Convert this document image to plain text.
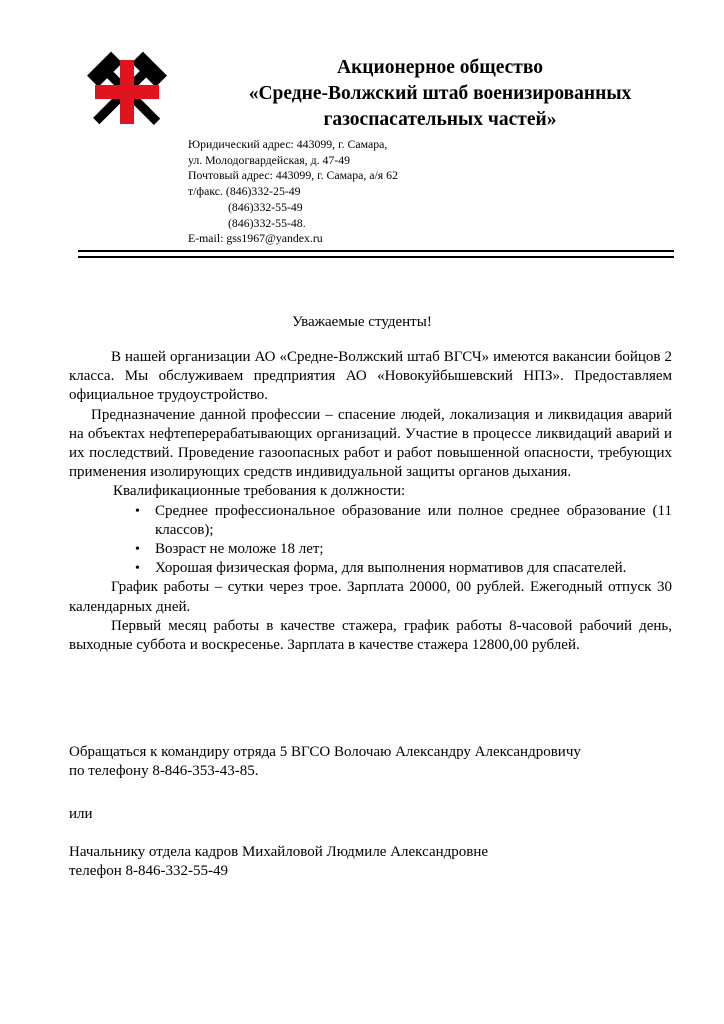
Акционерное общество
«Средне-Волжский штаб военизированных
газоспасательных частей»
Юридический адрес: 443099, г. Самара,
ул. Молодогвардейская, д. 47-49
Почтовый адрес: 443099, г. Самара, а/я 62
т/факс. (846)332-25-49
(846)332-55-49
(846)332-55-48.
E-mail: gss1967@yandex.ru
Уважаемые студенты!

В нашей организации АО «Средне-Волжский штаб ВГСЧ» имеются вакансии бойцов 2 класса. Мы обслуживаем предприятия АО «Новокуйбышевский НПЗ». Предоставляем официальное трудоустройство.

Предназначение данной профессии – спасение людей, локализация и ликвидация аварий на объектах нефтеперерабатывающих организаций. Участие в процессе ликвидаций аварий и их последствий. Проведение газоопасных работ и работ повышенной опасности, требующих применения изолирующих средств индивидуальной защиты органов дыхания.

Квалификационные требования к должности:

• Среднее профессиональное образование или полное среднее образование (11 классов);
• Возраст не моложе 18 лет;
• Хорошая физическая форма, для выполнения нормативов для спасателей.

График работы – сутки через трое. Зарплата 20000, 00 рублей. Ежегодный отпуск 30 календарных дней.

Первый месяц работы в качестве стажера, график работы 8-часовой рабочий день, выходные суббота и воскресенье. Зарплата в качестве стажера 12800,00 рублей.

Обращаться к командиру отряда 5 ВГСО Волочаю Александру Александровичу
по телефону 8-846-353-43-85.
или
Начальнику отдела кадров Михайловой Людмиле Александровне
телефон 8-846-332-55-49
